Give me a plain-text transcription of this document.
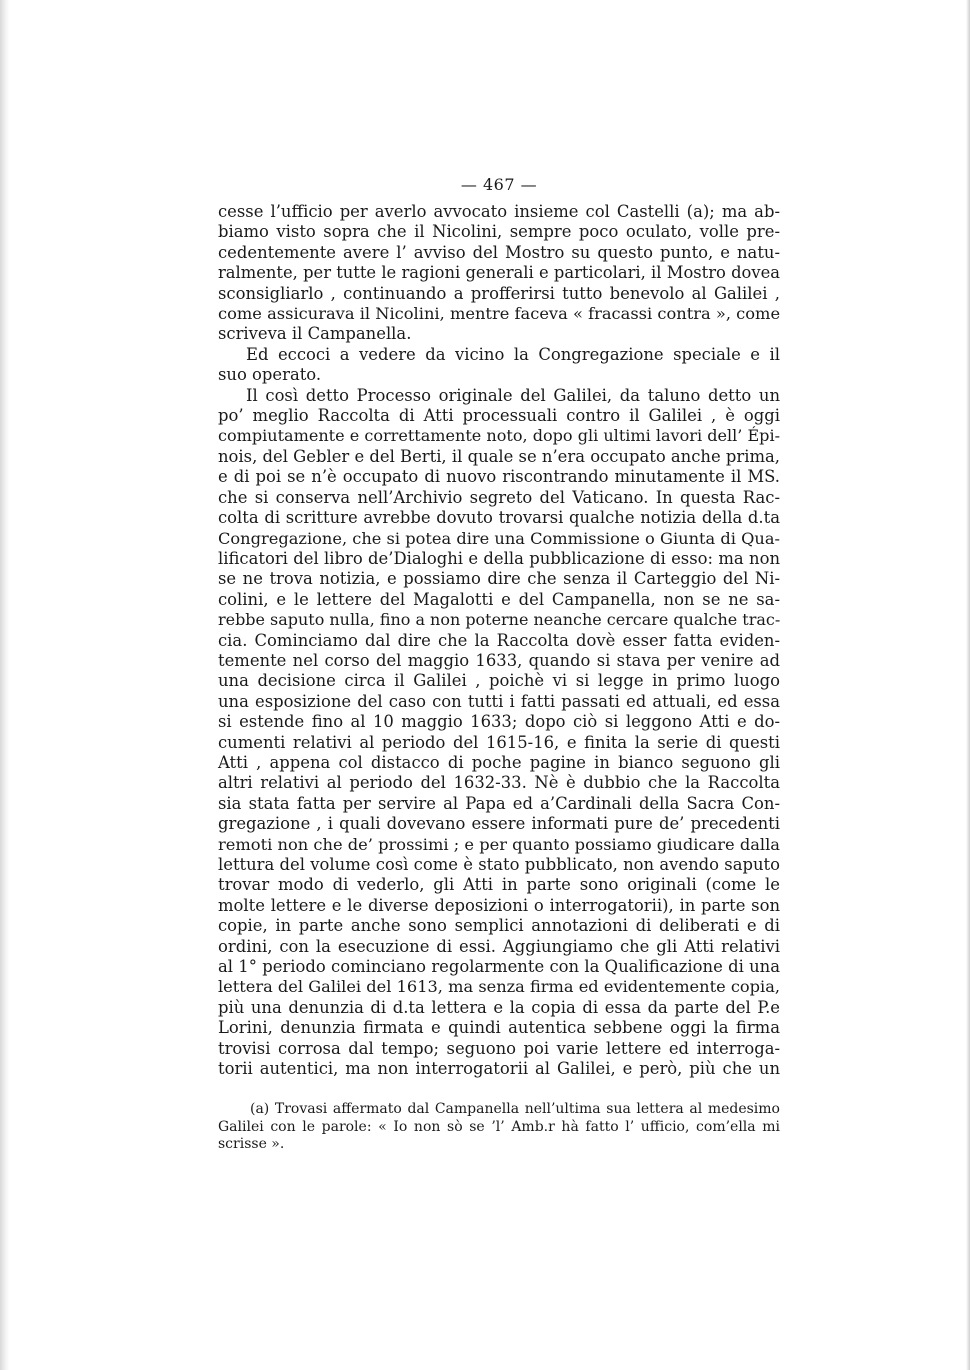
— 467 —
cesse l’ufficio per averlo avvocato insieme col Castelli (a); ma ab-
biamo visto sopra che il Nicolini, sempre poco oculato, volle pre-
cedentemente avere l’ avviso del Mostro su questo punto, e natu-
ralmente, per tutte le ragioni generali e particolari, il Mostro dovea
sconsigliarlo , continuando a profferirsi tutto benevolo al Galilei ,
come assicurava il Nicolini, mentre faceva « fracassi contra », come
scriveva il Campanella.
Ed eccoci a vedere da vicino la Congregazione speciale e il
suo operato.
Il così detto Processo originale del Galilei, da taluno detto un
po’ meglio Raccolta di Atti processuali contro il Galilei , è oggi
compiutamente e correttamente noto, dopo gli ultimi lavori dell’ Épi-
nois, del Gebler e del Berti, il quale se n’era occupato anche prima,
e di poi se n’è occupato di nuovo riscontrando minutamente il MS.
che si conserva nell’Archivio segreto del Vaticano. In questa Rac-
colta di scritture avrebbe dovuto trovarsi qualche notizia della d.ta
Congregazione, che si potea dire una Commissione o Giunta di Qua-
lificatori del libro de’Dialoghi e della pubblicazione di esso: ma non
se ne trova notizia, e possiamo dire che senza il Carteggio del Ni-
colini, e le lettere del Magalotti e del Campanella, non se ne sa-
rebbe saputo nulla, fino a non poterne neanche cercare qualche trac-
cia. Cominciamo dal dire che la Raccolta dovè esser fatta eviden-
temente nel corso del maggio 1633, quando si stava per venire ad
una decisione circa il Galilei , poichè vi si legge in primo luogo
una esposizione del caso con tutti i fatti passati ed attuali, ed essa
si estende fino al 10 maggio 1633; dopo ciò si leggono Atti e do-
cumenti relativi al periodo del 1615-16, e finita la serie di questi
Atti , appena col distacco di poche pagine in bianco seguono gli
altri relativi al periodo del 1632-33. Nè è dubbio che la Raccolta
sia stata fatta per servire al Papa ed a’Cardinali della Sacra Con-
gregazione , i quali dovevano essere informati pure de’ precedenti
remoti non che de’ prossimi ; e per quanto possiamo giudicare dalla
lettura del volume così come è stato pubblicato, non avendo saputo
trovar modo di vederlo, gli Atti in parte sono originali (come le
molte lettere e le diverse deposizioni o interrogatorii), in parte son
copie, in parte anche sono semplici annotazioni di deliberati e di
ordini, con la esecuzione di essi. Aggiungiamo che gli Atti relativi
al 1° periodo cominciano regolarmente con la Qualificazione di una
lettera del Galilei del 1613, ma senza firma ed evidentemente copia,
più una denunzia di d.ta lettera e la copia di essa da parte del P.e
Lorini, denunzia firmata e quindi autentica sebbene oggi la firma
trovisi corrosa dal tempo; seguono poi varie lettere ed interroga-
torii autentici, ma non interrogatorii al Galilei, e però, più che un
(a) Trovasi affermato dal Campanella nell’ultima sua lettera al medesimo
Galilei con le parole: « Io non sò se ’l’ Amb.r hà fatto l’ ufficio, com’ella mi
scrisse ».
